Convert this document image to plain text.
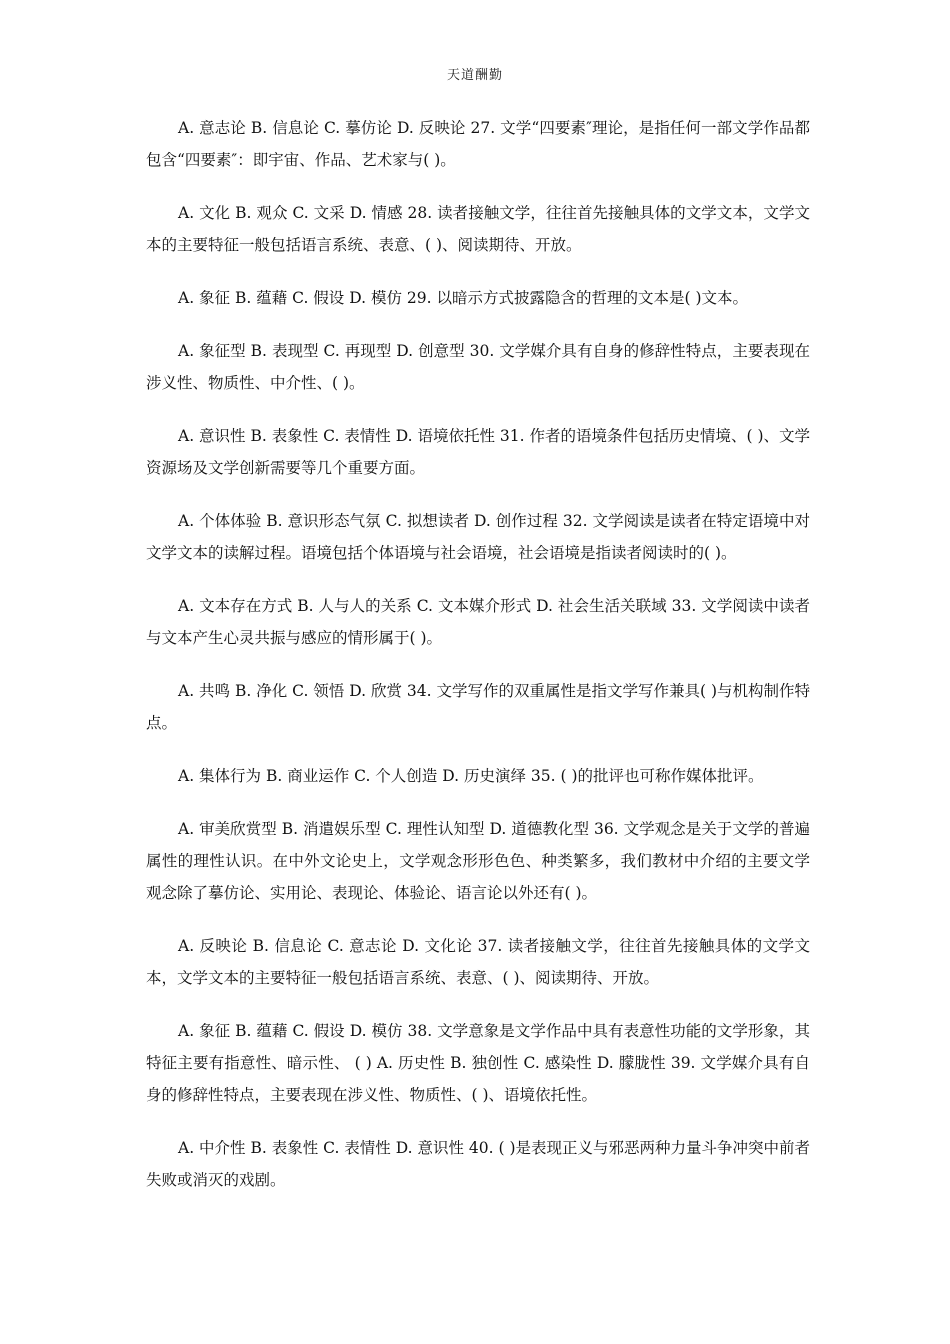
天道酬勤

A. 意志论 B. 信息论 C. 摹仿论 D. 反映论 27. 文学“四要素″理论，是指任何一部文学作品都包含“四要素″：即宇宙、作品、艺术家与( )。

A. 文化 B. 观众 C. 文采 D. 情感 28. 读者接触文学，往往首先接触具体的文学文本，文学文本的主要特征一般包括语言系统、表意、( )、阅读期待、开放。

A. 象征 B. 蕴藉 C. 假设 D. 模仿 29. 以暗示方式披露隐含的哲理的文本是( )文本。

A. 象征型 B. 表现型 C. 再现型 D. 创意型 30. 文学媒介具有自身的修辞性特点，主要表现在涉义性、物质性、中介性、( )。

A. 意识性 B. 表象性 C. 表情性 D. 语境依托性 31. 作者的语境条件包括历史情境、( )、文学资源场及文学创新需要等几个重要方面。

A. 个体体验 B. 意识形态气氛 C. 拟想读者 D. 创作过程 32. 文学阅读是读者在特定语境中对文学文本的读解过程。语境包括个体语境与社会语境，社会语境是指读者阅读时的( )。

A. 文本存在方式 B. 人与人的关系 C. 文本媒介形式 D. 社会生活关联域 33. 文学阅读中读者与文本产生心灵共振与感应的情形属于( )。

A. 共鸣 B. 净化 C. 领悟 D. 欣赏 34. 文学写作的双重属性是指文学写作兼具( )与机构制作特点。

A. 集体行为 B. 商业运作 C. 个人创造 D. 历史演绎 35. ( )的批评也可称作媒体批评。

A. 审美欣赏型 B. 消遣娱乐型 C. 理性认知型 D. 道德教化型 36. 文学观念是关于文学的普遍属性的理性认识。在中外文论史上，文学观念形形色色、种类繁多，我们教材中介绍的主要文学观念除了摹仿论、实用论、表现论、体验论、语言论以外还有( )。

A. 反映论 B. 信息论 C. 意志论 D. 文化论 37. 读者接触文学，往往首先接触具体的文学文本，文学文本的主要特征一般包括语言系统、表意、( )、阅读期待、开放。

A. 象征 B. 蕴藉 C. 假设 D. 模仿 38. 文学意象是文学作品中具有表意性功能的文学形象，其特征主要有指意性、暗示性、 ( ) A. 历史性 B. 独创性 C. 感染性 D. 朦胧性 39. 文学媒介具有自身的修辞性特点，主要表现在涉义性、物质性、( )、语境依托性。

A. 中介性 B. 表象性 C. 表情性 D. 意识性 40. ( )是表现正义与邪恶两种力量斗争冲突中前者失败或消灭的戏剧。
